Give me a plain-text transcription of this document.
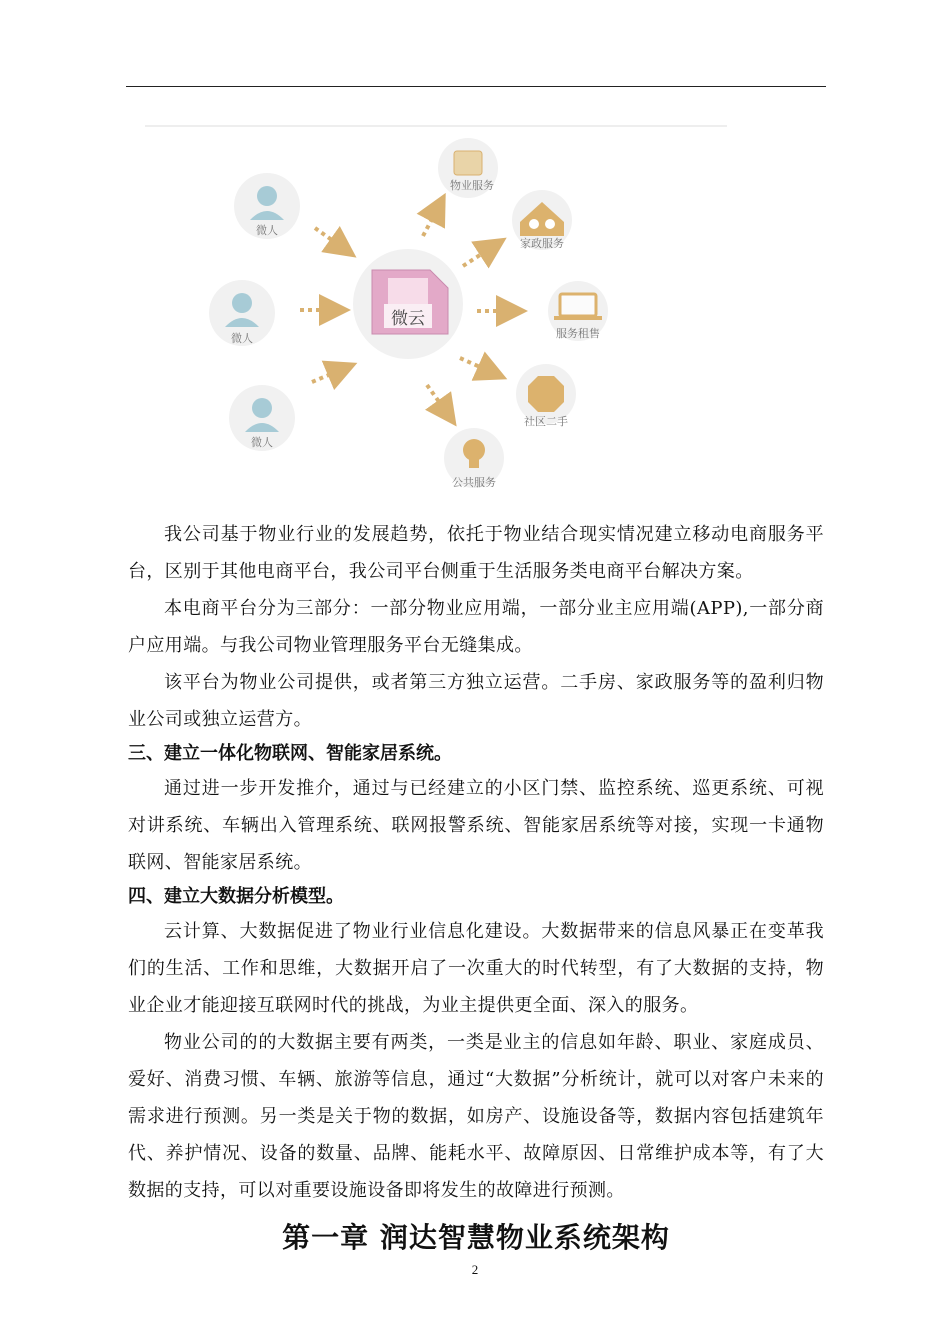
微云
微人
微人
微人
物业服务
家政服务
服务租售
社区二手
公共服务

我公司基于物业行业的发展趋势，依托于物业结合现实情况建立移动电商服务平台，区别于其他电商平台，我公司平台侧重于生活服务类电商平台解决方案。

本电商平台分为三部分：一部分物业应用端，一部分业主应用端(APP),一部分商户应用端。与我公司物业管理服务平台无缝集成。

该平台为物业公司提供，或者第三方独立运营。二手房、家政服务等的盈利归物业公司或独立运营方。

三、建立一体化物联网、智能家居系统。

通过进一步开发推介，通过与已经建立的小区门禁、监控系统、巡更系统、可视对讲系统、车辆出入管理系统、联网报警系统、智能家居系统等对接，实现一卡通物联网、智能家居系统。

四、建立大数据分析模型。

云计算、大数据促进了物业行业信息化建设。大数据带来的信息风暴正在变革我们的生活、工作和思维，大数据开启了一次重大的时代转型，有了大数据的支持，物业企业才能迎接互联网时代的挑战，为业主提供更全面、深入的服务。

物业公司的的大数据主要有两类，一类是业主的信息如年龄、职业、家庭成员、爱好、消费习惯、车辆、旅游等信息，通过“大数据”分析统计，就可以对客户未来的需求进行预测。另一类是关于物的数据，如房产、设施设备等，数据内容包括建筑年代、养护情况、设备的数量、品牌、能耗水平、故障原因、日常维护成本等，有了大数据的支持，可以对重要设施设备即将发生的故障进行预测。

第一章 润达智慧物业系统架构
2
